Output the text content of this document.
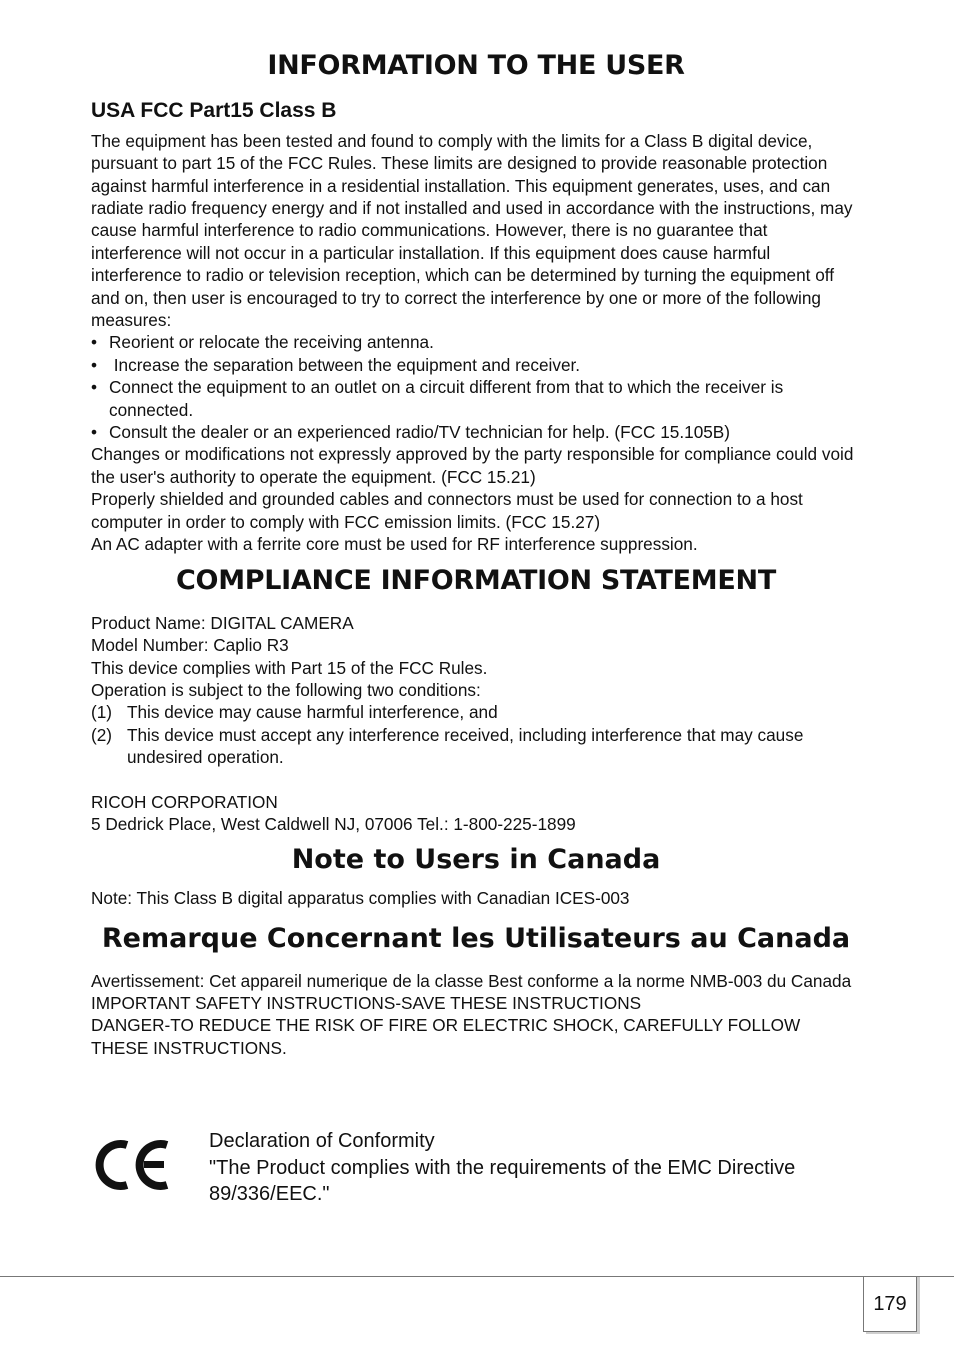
INFORMATION TO THE USER
USA FCC Part15 Class B

The equipment has been tested and found to comply with the limits for a Class B digital device, pursuant to part 15 of the FCC Rules. These limits are designed to provide reasonable protection against harmful interference in a residential installation. This equipment generates, uses, and can radiate radio frequency energy and if not installed and used in accordance with the instructions, may cause harmful interference to radio communications. However, there is no guarantee that interference will not occur in a particular installation. If this equipment does cause harmful interference to radio or television reception, which can be determined by turning the equipment off and on, then user is encouraged to try to correct the interference by one or more of the following measures:

• Reorient or relocate the receiving antenna.
• Increase the separation between the equipment and receiver.
• Connect the equipment to an outlet on a circuit different from that to which the receiver is connected.
• Consult the dealer or an experienced radio/TV technician for help. (FCC 15.105B)

Changes or modifications not expressly approved by the party responsible for compliance could void the user's authority to operate the equipment. (FCC 15.21)

Properly shielded and grounded cables and connectors must be used for connection to a host computer in order to comply with FCC emission limits. (FCC 15.27)

An AC adapter with a ferrite core must be used for RF interference suppression.

COMPLIANCE INFORMATION STATEMENT
Product Name: DIGITAL CAMERA
Model Number: Caplio R3
This device complies with Part 15 of the FCC Rules.
Operation is subject to the following two conditions:
(1) This device may cause harmful interference, and
(2) This device must accept any interference received, including interference that may cause undesired operation.
RICOH CORPORATION
5 Dedrick Place, West Caldwell NJ, 07006 Tel.: 1-800-225-1899
Note to Users in Canada
Note: This Class B digital apparatus complies with Canadian ICES-003
Remarque Concernant les Utilisateurs au Canada

Avertissement: Cet appareil numerique de la classe Best conforme a la norme NMB-003 du Canada

IMPORTANT SAFETY INSTRUCTIONS-SAVE THESE INSTRUCTIONS

DANGER-TO REDUCE THE RISK OF FIRE OR ELECTRIC SHOCK, CAREFULLY FOLLOW THESE INSTRUCTIONS.

Declaration of Conformity
"The Product complies with the requirements of the EMC Directive 89/336/EEC."
179
